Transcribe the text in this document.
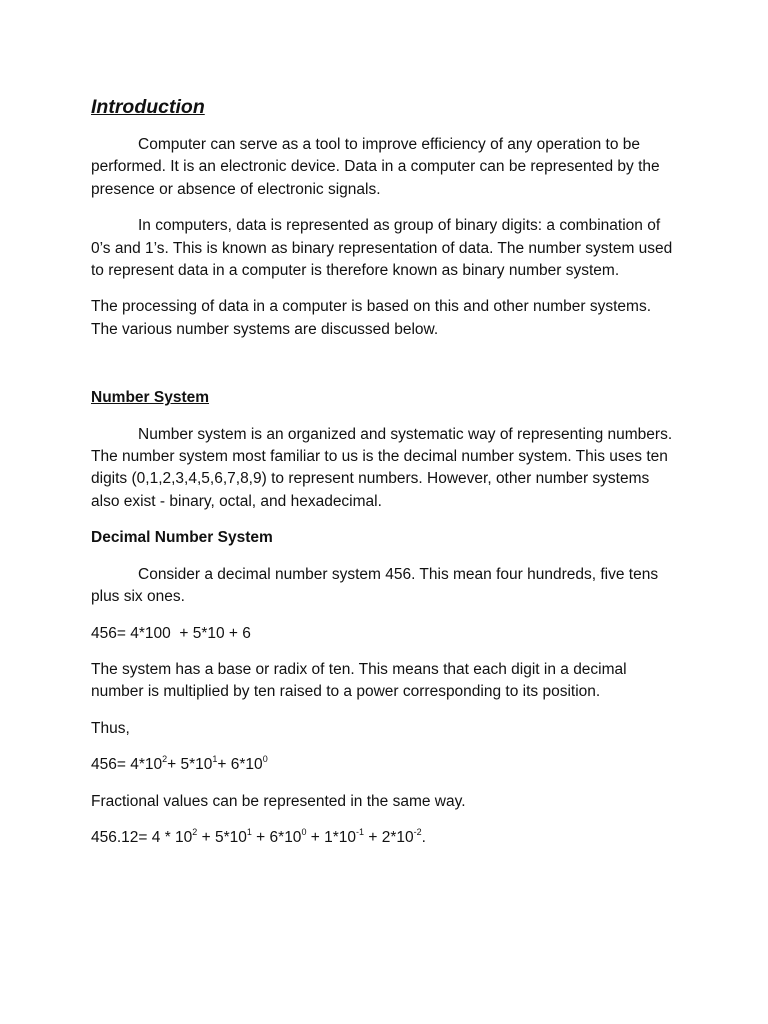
Introduction

Computer can serve as a tool to improve efficiency of any operation to be performed. It is an electronic device. Data in a computer can be represented by the presence or absence of electronic signals.

In computers, data is represented as group of binary digits: a combination of 0’s and 1’s. This is known as binary representation of data. The number system used to represent data in a computer is therefore known as binary number system.

The processing of data in a computer is based on this and other number systems. The various number systems are discussed below.

Number System

Number system is an organized and systematic way of representing numbers. The number system most familiar to us is the decimal number system. This uses ten digits (0,1,2,3,4,5,6,7,8,9) to represent numbers. However, other number systems also exist - binary, octal, and hexadecimal.

Decimal Number System

Consider a decimal number system 456. This mean four hundreds, five tens plus six ones.

456= 4*100  + 5*10 + 6

The system has a base or radix of ten. This means that each digit in a decimal number is multiplied by ten raised to a power corresponding to its position.

Thus,

$456= 4*10^2+ 5*10^1+ 6*10^0$

Fractional values can be represented in the same way.

$456.12= 4 * 10^2 + 5*10^1 + 6*10^0 + 1*10^{-1} + 2*10^{-2}$.
